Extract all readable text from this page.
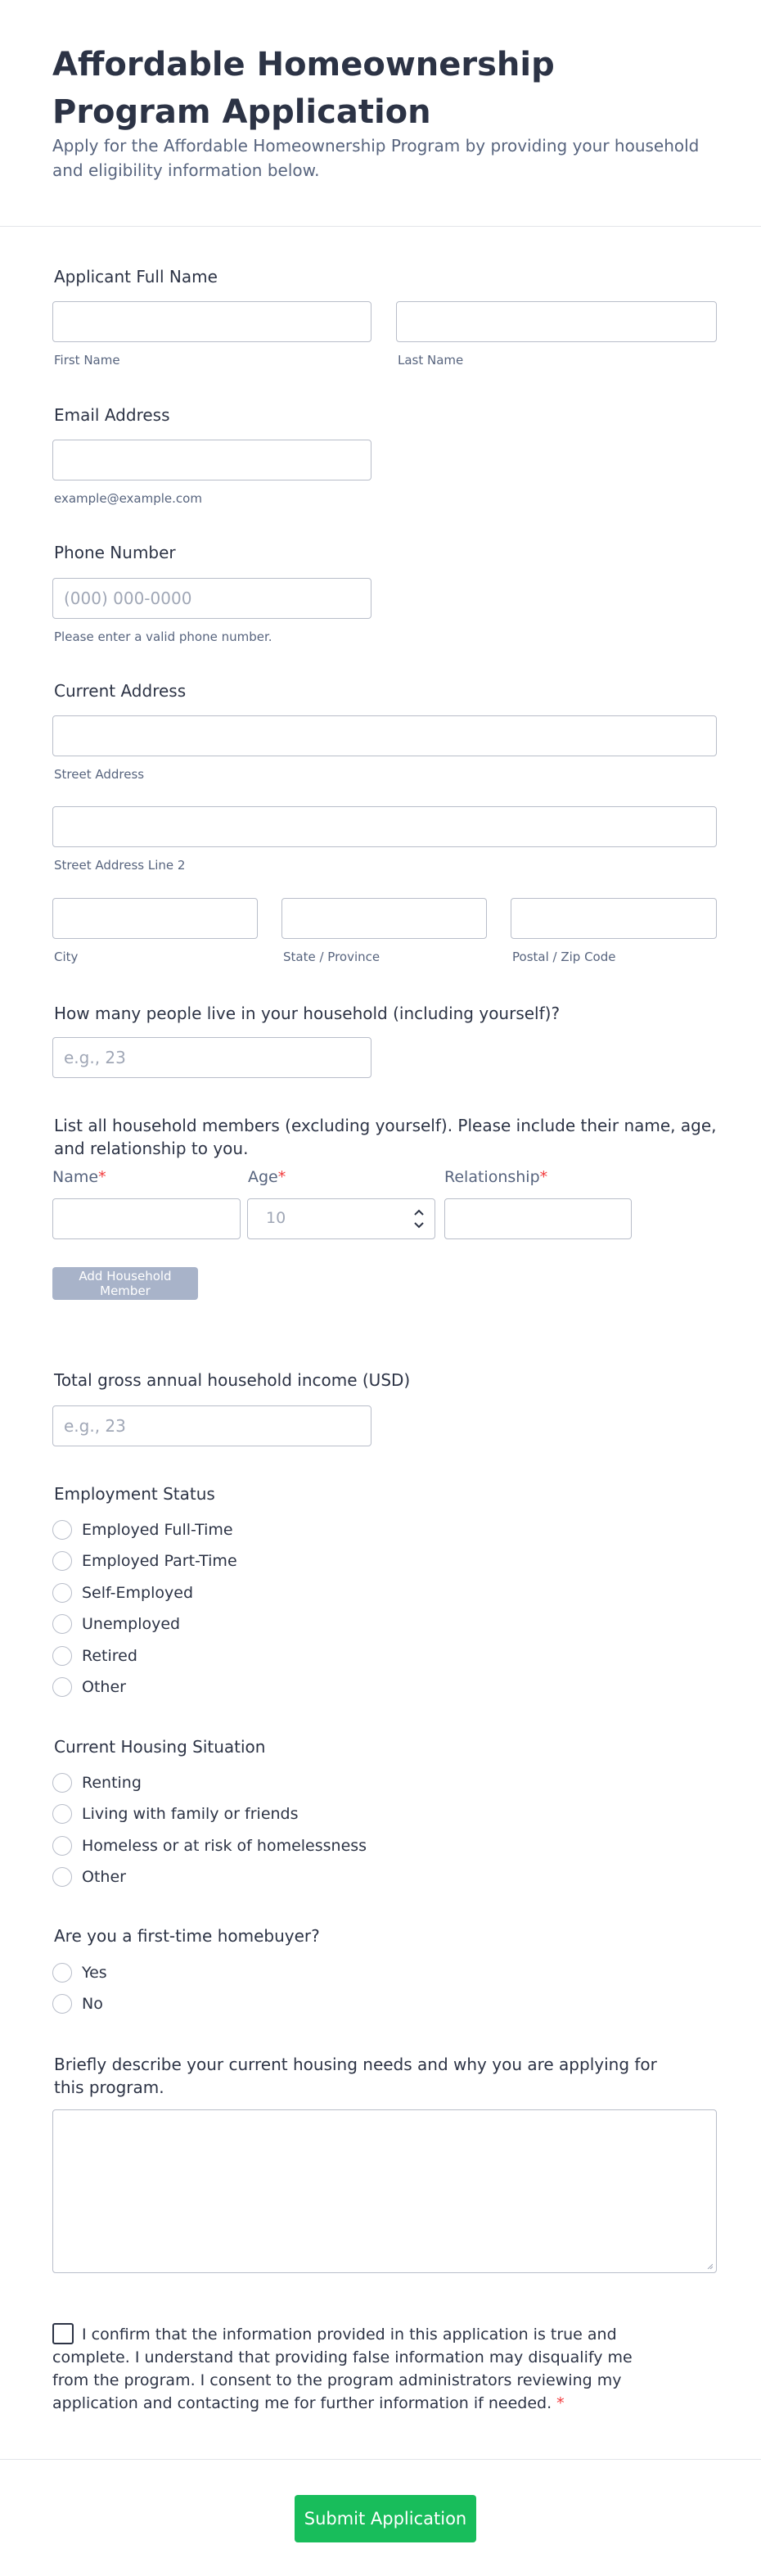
Affordable Homeownership Program Application
Apply for the Affordable Homeownership Program by providing your household and eligibility information below.
Applicant Full Name
First Name	Last Name
Email Address
example@example.com
Phone Number
(000) 000-0000
Please enter a valid phone number.
Current Address
Street Address
Street Address Line 2
City	State / Province	Postal / Zip Code
How many people live in your household (including yourself)?
e.g., 23
List all household members (excluding yourself). Please include their name, age, and relationship to you.
Name*	Age*	Relationship*
10
Add Household Member
Total gross annual household income (USD)
e.g., 23
Employment Status
Employed Full-Time
Employed Part-Time
Self-Employed
Unemployed
Retired
Other
Current Housing Situation
Renting
Living with family or friends
Homeless or at risk of homelessness
Other
Are you a first-time homebuyer?
Yes
No
Briefly describe your current housing needs and why you are applying for this program.
I confirm that the information provided in this application is true and complete. I understand that providing false information may disqualify me from the program. I consent to the program administrators reviewing my application and contacting me for further information if needed. *
Submit Application
